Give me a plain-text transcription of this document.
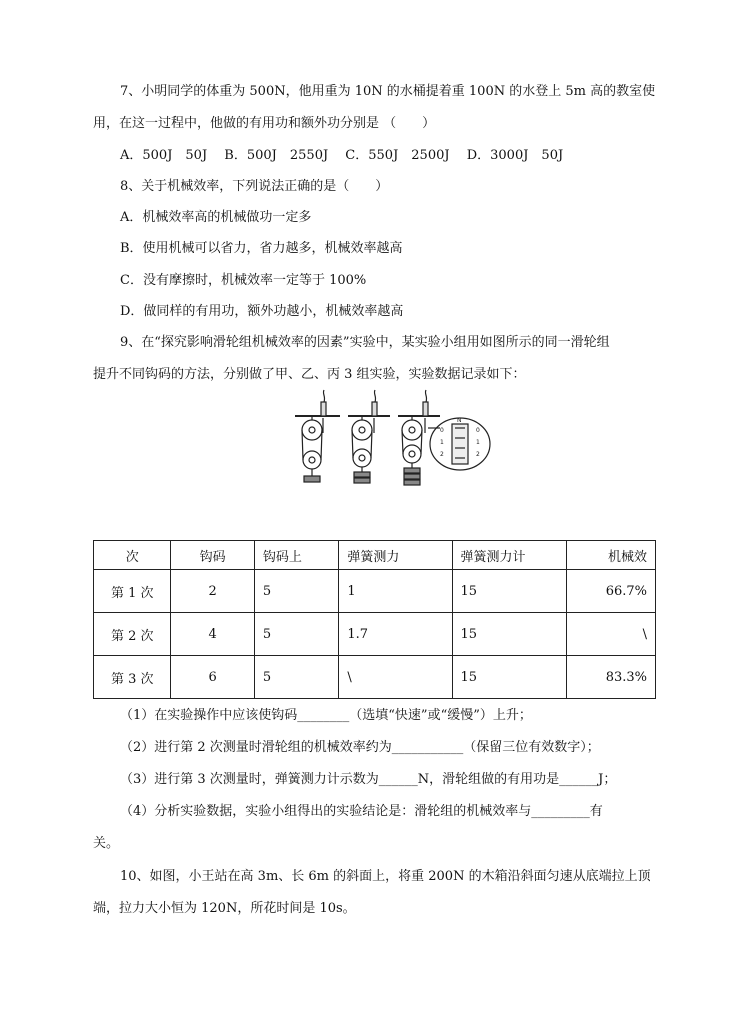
7、小明同学的体重为 500N，他用重为 10N 的水桶提着重 100N 的水登上 5m 高的教室使
用，在这一过程中，他做的有用功和额外功分别是 （　　）
A．500J　50J　 B．500J　2550J　 C．550J　2500J　 D．3000J　50J
8、关于机械效率，下列说法正确的是（　　）
A．机械效率高的机械做功一定多
B．使用机械可以省力，省力越多，机械效率越高
C．没有摩擦时，机械效率一定等于 100%
D．做同样的有用功，额外功越小，机械效率越高
9、在“探究影响滑轮组机械效率的因素”实验中，某实验小组用如图所示的同一滑轮组
提升不同钩码的方法，分别做了甲、乙、丙 3 组实验，实验数据记录如下：
N
0
1
2
0
1
2
次	钩码	钩码上	弹簧测力	弹簧测力计	机械效
第 1 次	2	5	1	15	66.7%
第 2 次	4	5	1.7	15	\
第 3 次	6	5	\	15	83.3%
（1）在实验操作中应该使钩码________（选填“快速”或“缓慢”）上升；
（2）进行第 2 次测量时滑轮组的机械效率约为___________（保留三位有效数字）；
（3）进行第 3 次测量时，弹簧测力计示数为______N，滑轮组做的有用功是______J；
（4）分析实验数据，实验小组得出的实验结论是：滑轮组的机械效率与_________有
关。
10、如图，小王站在高 3m、长 6m 的斜面上，将重 200N 的木箱沿斜面匀速从底端拉上顶
端，拉力大小恒为 120N，所花时间是 10s。
